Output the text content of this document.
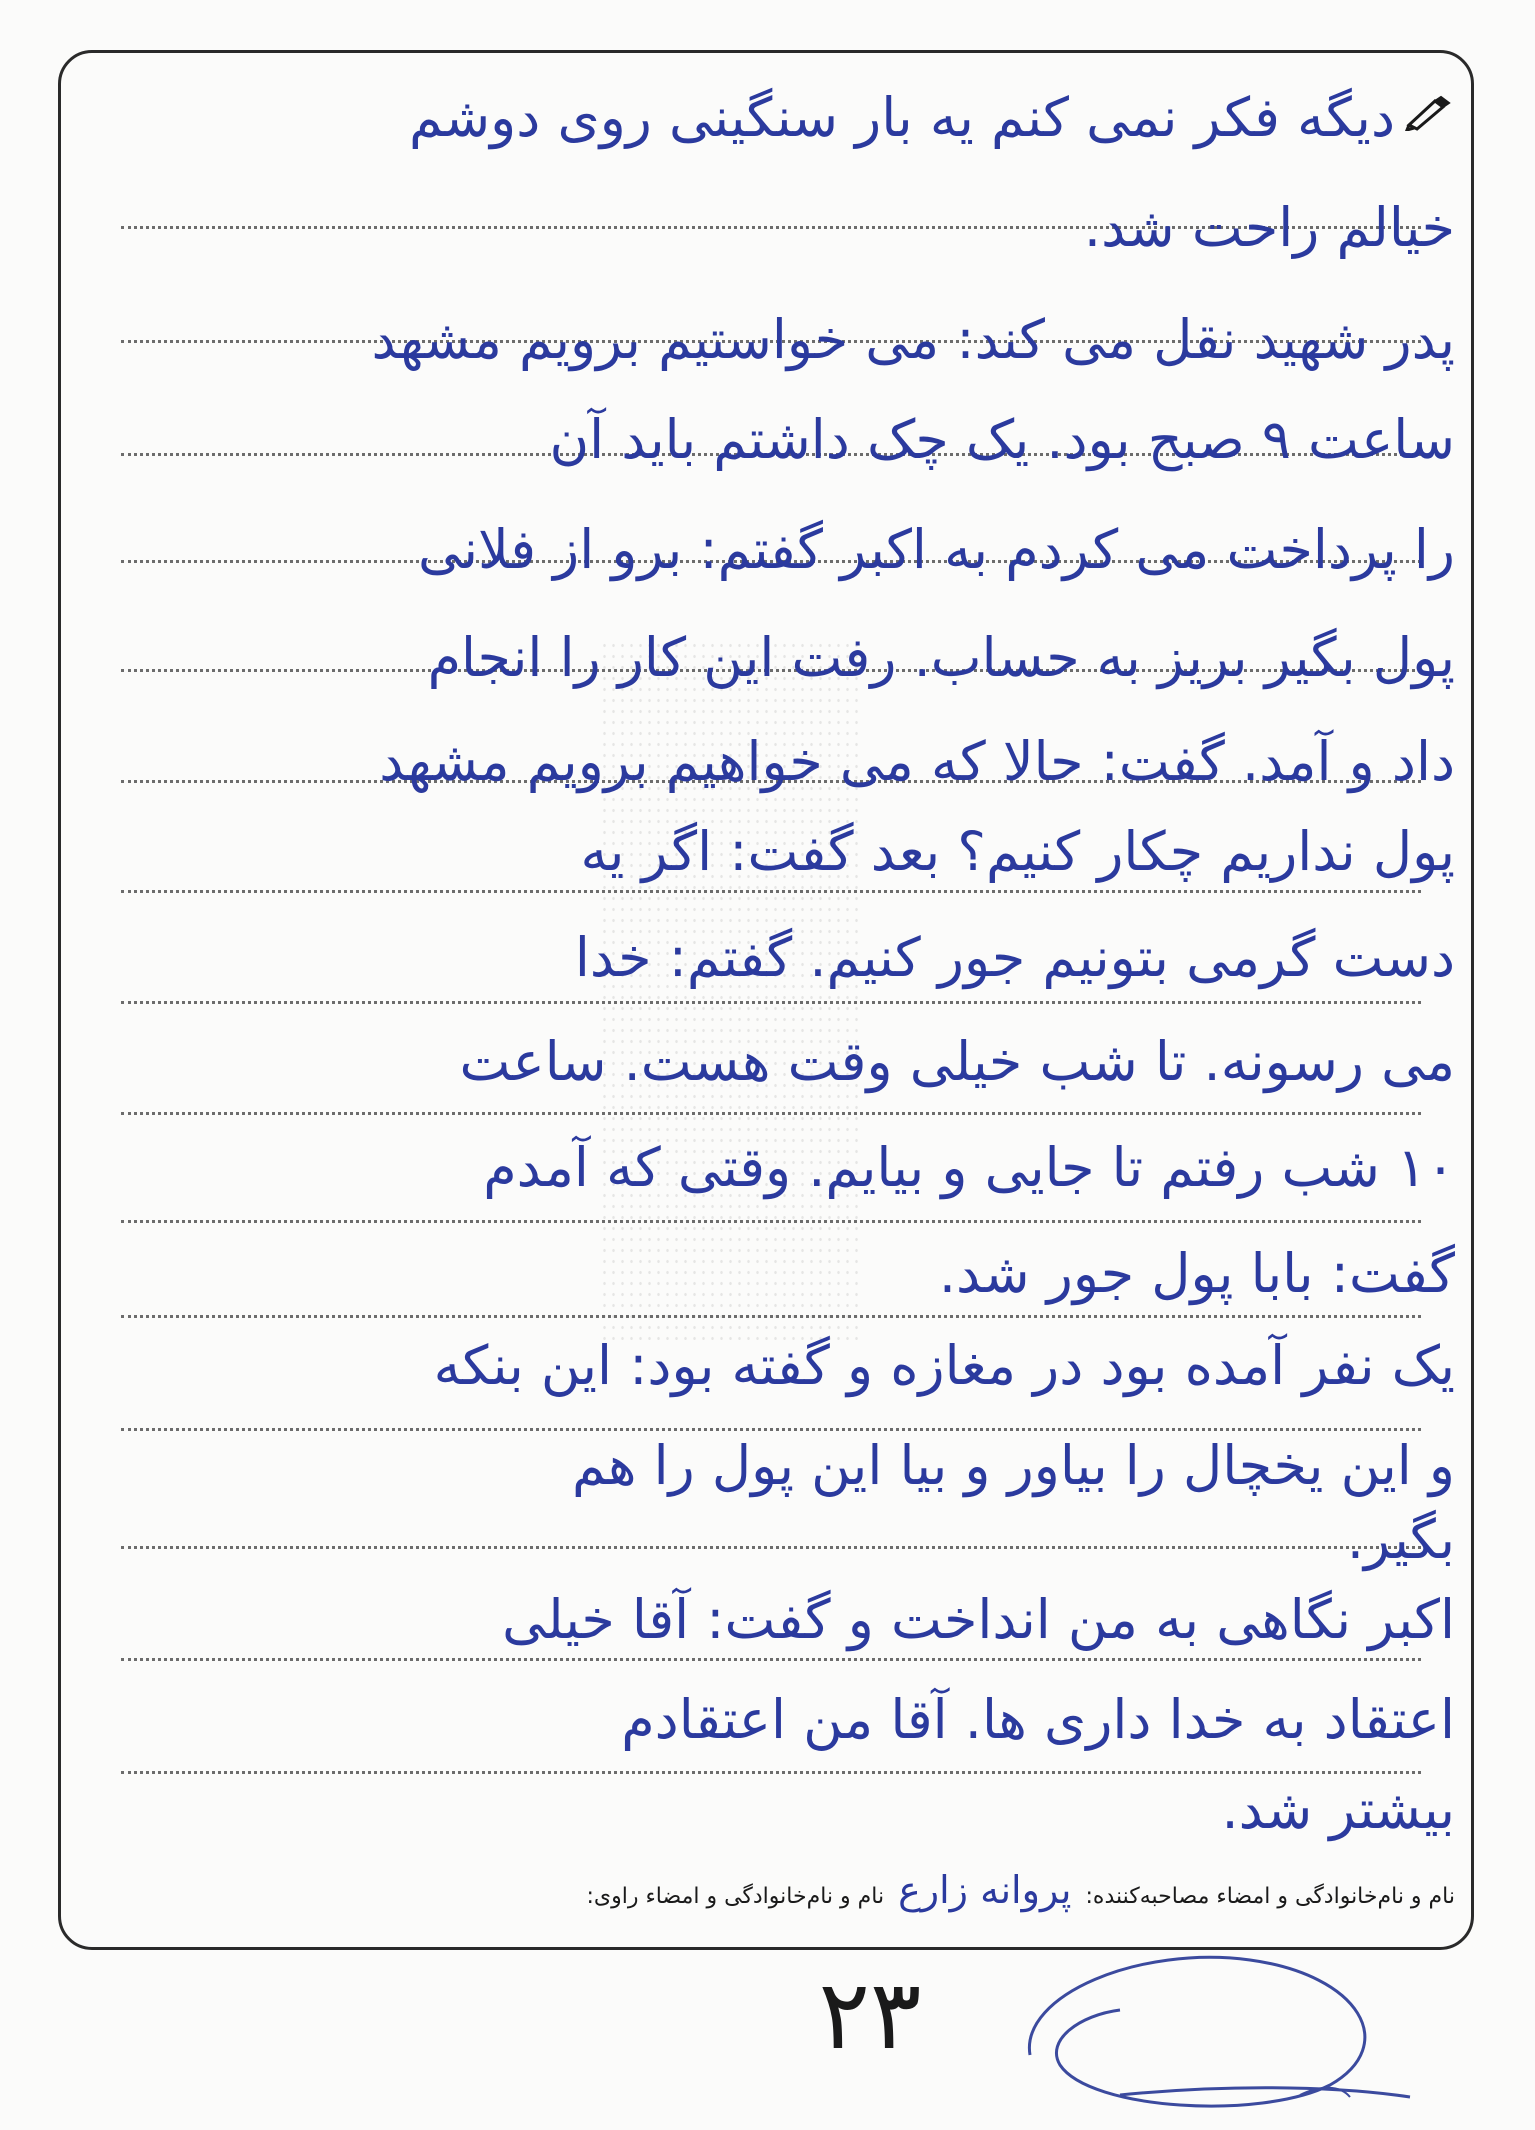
دیگه فکر نمی کنم یه بار سنگینی روی دوشم
خیالم راحت شد.
پدر شهید نقل می کند: می خواستیم برویم مشهد
ساعت ۹ صبح بود. یک چک داشتم باید آن
را پرداخت می کردم به اکبر گفتم: برو از فلانی
پول بگیر بریز به حساب. رفت این کار را انجام
داد و آمد. گفت: حالا که می خواهیم برویم مشهد
پول نداریم چکار کنیم؟ بعد گفت: اگر یه
دست گرمی بتونیم جور کنیم. گفتم: خدا
می رسونه. تا شب خیلی وقت هست. ساعت
۱۰ شب رفتم تا جایی و بیایم. وقتی که آمدم
گفت: بابا پول جور شد.
یک نفر آمده بود در مغازه و گفته بود: این بنکه
و این یخچال را بیاور و بیا این پول را هم
بگیر.
اکبر نگاهی به من انداخت و گفت: آقا خیلی
اعتقاد به خدا داری ها. آقا من اعتقادم
بیشتر شد.
نام و نام‌خانوادگی و امضاء مصاحبه‌کننده:
پروانه زارع
نام و نام‌خانوادگی و امضاء راوی:
۲۳
